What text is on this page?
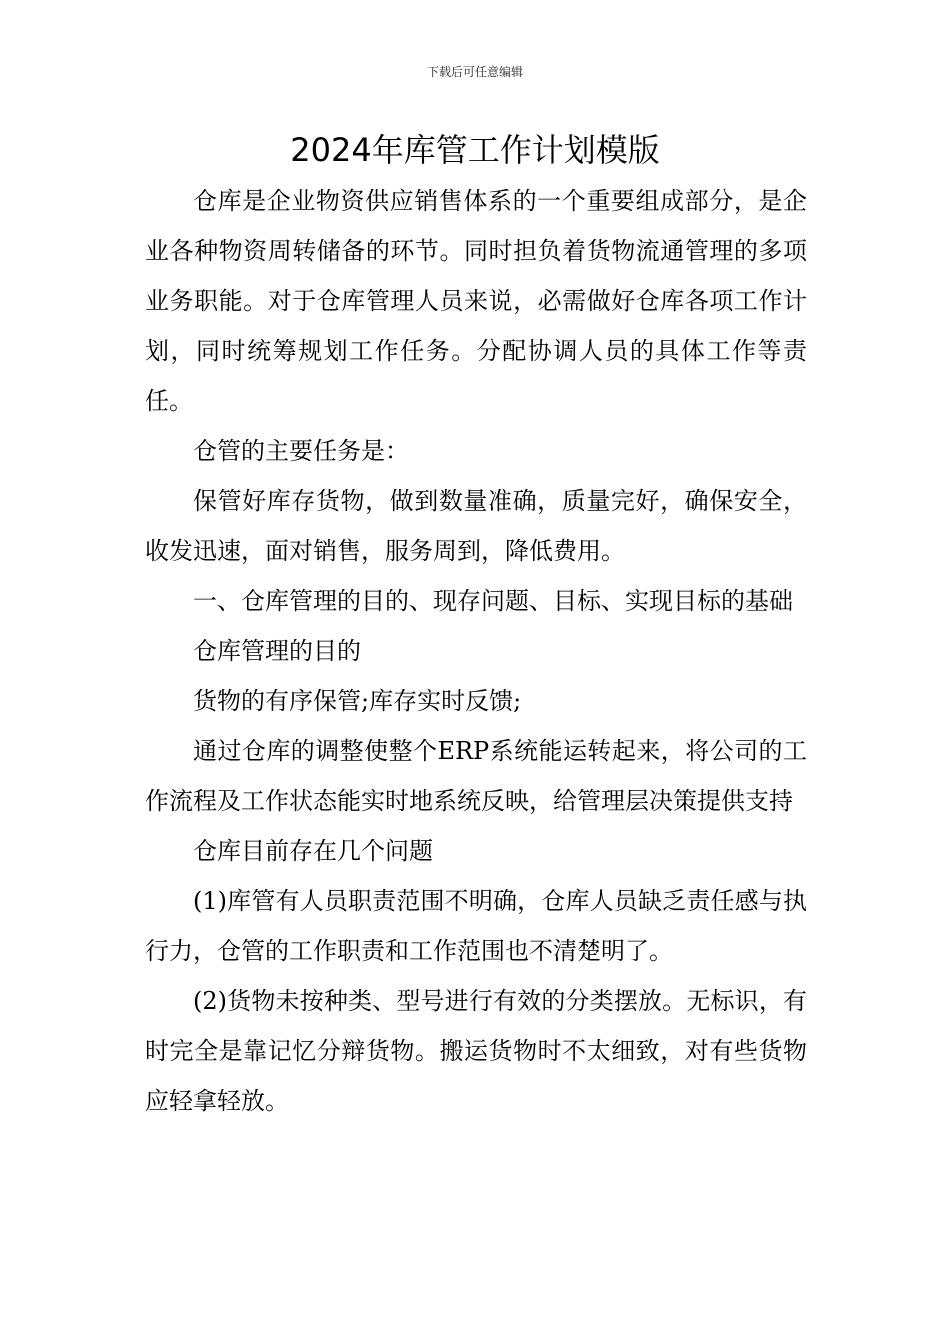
下载后可任意编辑
2024年库管工作计划模版

仓库是企业物资供应销售体系的一个重要组成部分，是企业各种物资周转储备的环节。同时担负着货物流通管理的多项业务职能。对于仓库管理人员来说，必需做好仓库各项工作计划，同时统筹规划工作任务。分配协调人员的具体工作等责任。

仓管的主要任务是：

保管好库存货物，做到数量准确，质量完好，确保安全，收发迅速，面对销售，服务周到，降低费用。

一、仓库管理的目的、现存问题、目标、实现目标的基础

仓库管理的目的

货物的有序保管;库存实时反馈;

通过仓库的调整使整个ERP系统能运转起来，将公司的工作流程及工作状态能实时地系统反映，给管理层决策提供支持

仓库目前存在几个问题

(1)库管有人员职责范围不明确，仓库人员缺乏责任感与执行力，仓管的工作职责和工作范围也不清楚明了。

(2)货物未按种类、型号进行有效的分类摆放。无标识，有时完全是靠记忆分辩货物。搬运货物时不太细致，对有些货物应轻拿轻放。
